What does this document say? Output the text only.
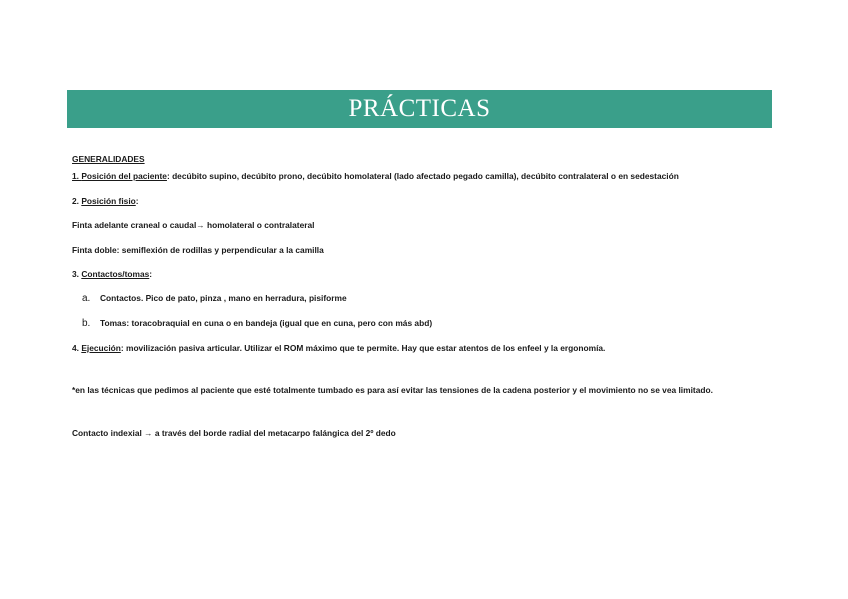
PRÁCTICAS
GENERALIDADES
1. Posición del paciente: decúbito supino, decúbito prono, decúbito homolateral (lado afectado pegado camilla), decúbito contralateral o en sedestación
2. Posición fisio:
Finta adelante craneal o caudal→ homolateral o contralateral
Finta doble: semiflexión de rodillas y perpendicular a la camilla
3. Contactos/tomas:
a. Contactos. Pico de pato, pinza , mano en herradura, pisiforme
b. Tomas: toracobraquial en cuna o en bandeja (igual que en cuna, pero con más abd)
4. Ejecución: movilización pasiva articular. Utilizar el ROM máximo que te permite. Hay que estar atentos de los enfeel y la ergonomía.
*en las técnicas que pedimos al paciente que esté totalmente tumbado es para así evitar las tensiones de la cadena posterior y el movimiento no se vea limitado.
Contacto indexial → a través del borde radial del metacarpo falángica del 2º dedo
